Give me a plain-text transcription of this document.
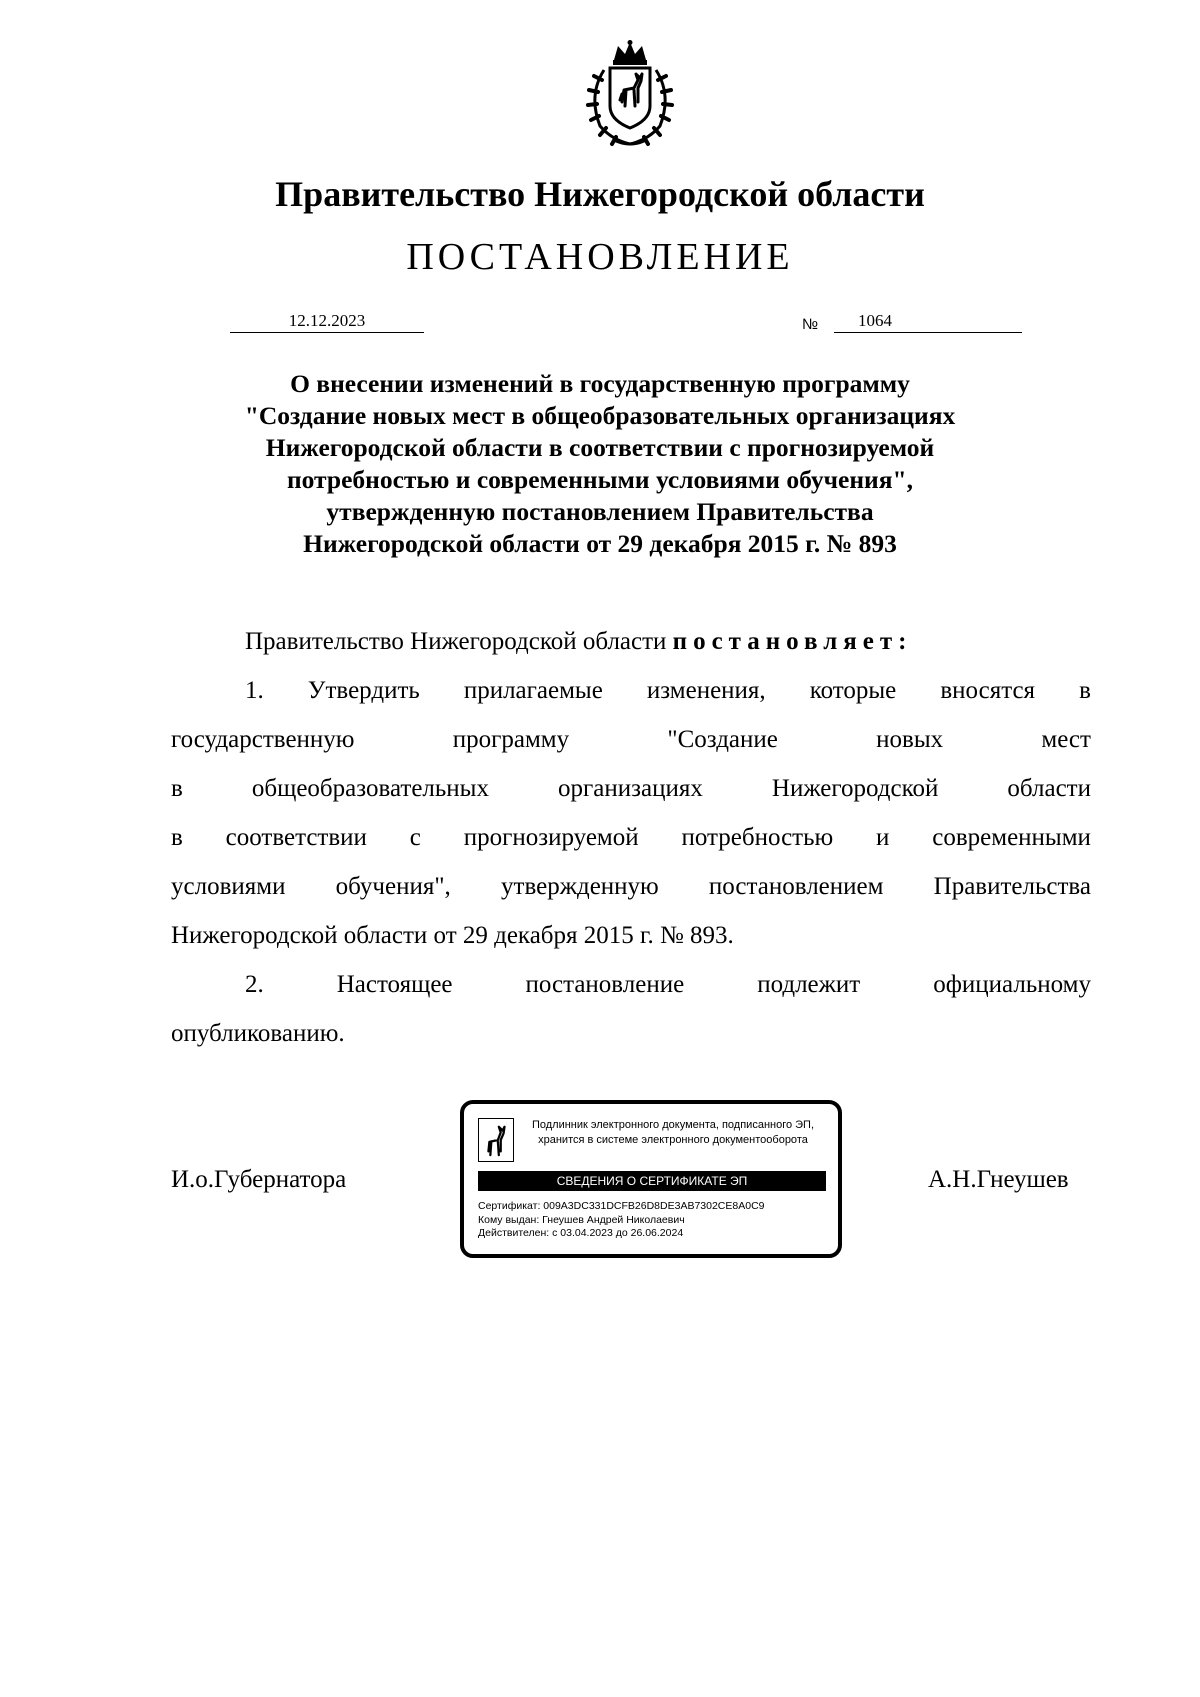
Правительство Нижегородской области
ПОСТАНОВЛЕНИЕ
12.12.2023	№	1064
О внесении изменений в государственную программу
"Создание новых мест в общеобразовательных организациях
Нижегородской области в соответствии с прогнозируемой
потребностью и современными условиями обучения",
утвержденную постановлением Правительства
Нижегородской области от 29 декабря 2015 г. № 893
Правительство Нижегородской области постановляет:
1. Утвердить прилагаемые изменения, которые вносятся в
государственную	программу	"Создание	новых	мест
в	общеобразовательных	организациях	Нижегородской	области
в соответствии с прогнозируемой потребностью и современными
условиями обучения", утвержденную постановлением Правительства
Нижегородской области от 29 декабря 2015 г. № 893.
2.	Настоящее	постановление	подлежит	официальному
опубликованию.
И.о.Губернатора	А.Н.Гнеушев
Подлинник электронного документа, подписанного ЭП,
хранится в системе электронного документооборота
СВЕДЕНИЯ О СЕРТИФИКАТЕ ЭП
Сертификат: 009A3DC331DCFB26D8DE3AB7302CE8A0C9
Кому выдан: Гнеушев Андрей Николаевич
Действителен: с 03.04.2023 до 26.06.2024
